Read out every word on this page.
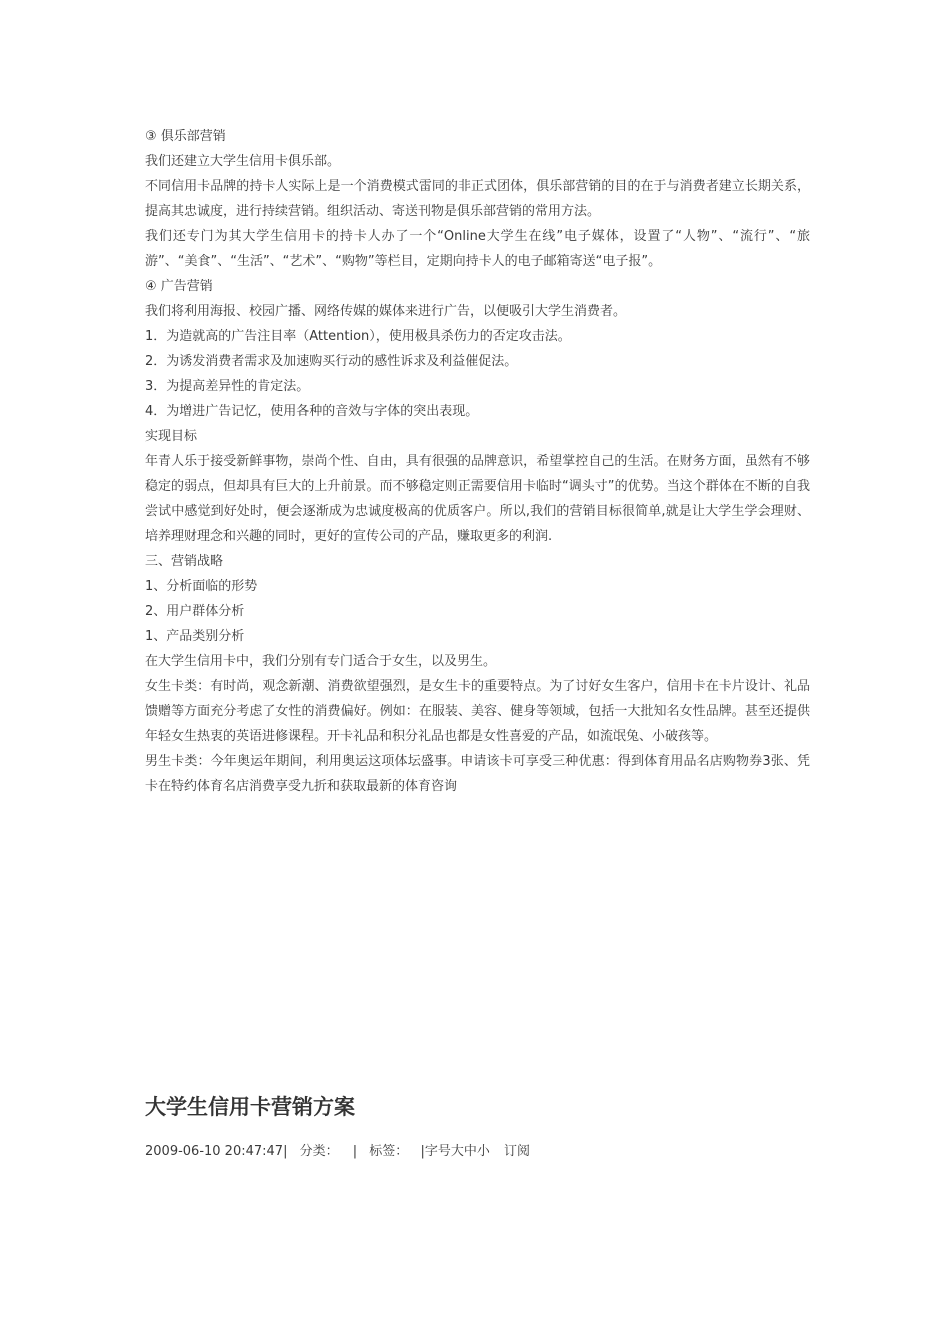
③ 俱乐部营销

我们还建立大学生信用卡俱乐部。

不同信用卡品牌的持卡人实际上是一个消费模式雷同的非正式团体，俱乐部营销的目的在于与消费者建立长期关系，提高其忠诚度，进行持续营销。组织活动、寄送刊物是俱乐部营销的常用方法。

我们还专门为其大学生信用卡的持卡人办了一个“Online大学生在线”电子媒体，设置了“人物”、“流行”、“旅游”、“美食”、“生活”、“艺术”、“购物”等栏目，定期向持卡人的电子邮箱寄送“电子报”。

④ 广告营销

我们将利用海报、校园广播、网络传媒的媒体来进行广告，以便吸引大学生消费者。

1．为造就高的广告注目率（Attention），使用极具杀伤力的否定攻击法。

2．为诱发消费者需求及加速购买行动的感性诉求及利益催促法。

3．为提高差异性的肯定法。

4．为增进广告记忆，使用各种的音效与字体的突出表现。

实现目标

年青人乐于接受新鲜事物，崇尚个性、自由，具有很强的品牌意识，希望掌控自己的生活。在财务方面，虽然有不够稳定的弱点，但却具有巨大的上升前景。而不够稳定则正需要信用卡临时“调头寸”的优势。当这个群体在不断的自我尝试中感觉到好处时，便会逐渐成为忠诚度极高的优质客户。所以,我们的营销目标很简单,就是让大学生学会理财、培养理财理念和兴趣的同时，更好的宣传公司的产品，赚取更多的利润.

三、营销战略

1、分析面临的形势

2、用户群体分析

1、产品类别分析

在大学生信用卡中，我们分别有专门适合于女生，以及男生。

女生卡类：有时尚，观念新潮、消费欲望强烈，是女生卡的重要特点。为了讨好女生客户，信用卡在卡片设计、礼品馈赠等方面充分考虑了女性的消费偏好。例如：在服装、美容、健身等领域，包括一大批知名女性品牌。甚至还提供年轻女生热衷的英语进修课程。开卡礼品和积分礼品也都是女性喜爱的产品，如流氓兔、小破孩等。

男生卡类：今年奥运年期间，利用奥运这项体坛盛事。申请该卡可享受三种优惠：得到体育用品名店购物券3张、凭卡在特约体育名店消费享受九折和获取最新的体育咨询

大学生信用卡营销方案
2009-06-10 20:47:47| 分类： | 标签： |字号大中小 订阅
